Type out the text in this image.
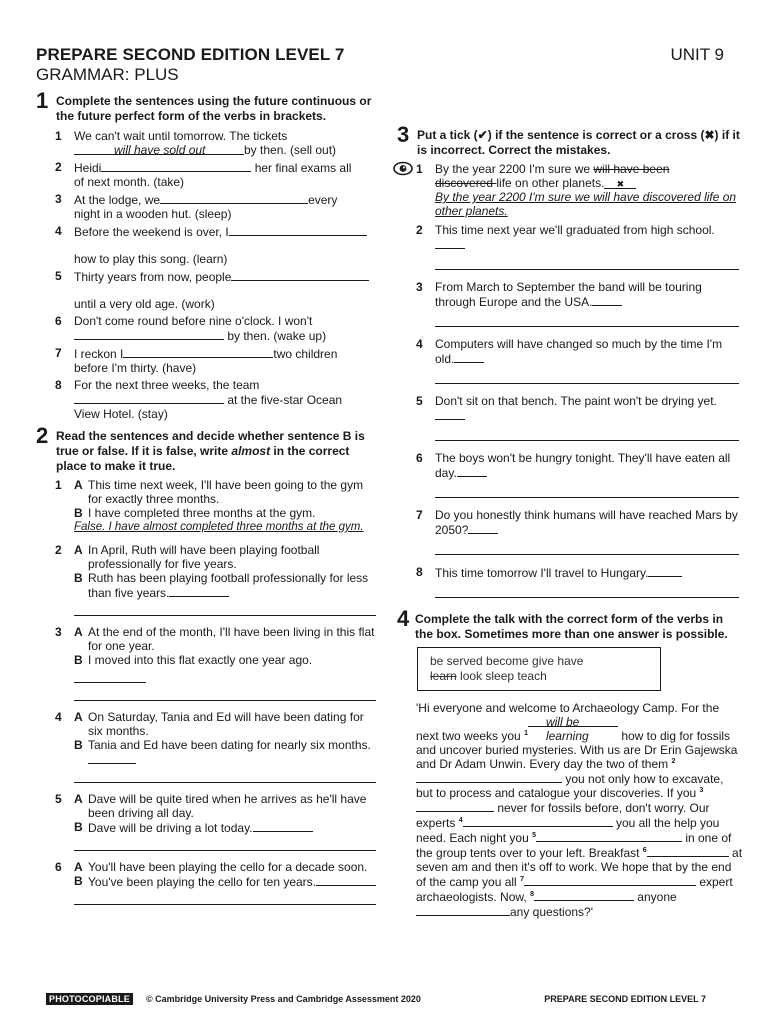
PREPARE SECOND EDITION LEVEL 7
GRAMMAR: PLUS
UNIT 9
1 Complete the sentences using the future continuous or the future perfect form of the verbs in brackets.
1 We can't wait until tomorrow. The tickets
will have sold out	by then. (sell out)
2 Heidi	her final exams all
of next month. (take)
3 At the lodge, we	every
night in a wooden hut. (sleep)
4 Before the weekend is over, I
how to play this song. (learn)
5 Thirty years from now, people
until a very old age. (work)
6 Don't come round before nine o'clock. I won't
by then. (wake up)
7 I reckon I	two children
before I'm thirty. (have)
8 For the next three weeks, the team
at the five-star Ocean
View Hotel. (stay)
2 Read the sentences and decide whether sentence B is true or false. If it is false, write almost in the correct place to make it true.
1 A This time next week, I'll have been going to the gym for exactly three months.
B I have completed three months at the gym.
False. I have almost completed three months at the gym.
2 A In April, Ruth will have been playing football professionally for five years.
B Ruth has been playing football professionally for less than five years.
3 A At the end of the month, I'll have been living in this flat for one year.
B I moved into this flat exactly one year ago.
4 A On Saturday, Tania and Ed will have been dating for six months.
B Tania and Ed have been dating for nearly six months.
5 A Dave will be quite tired when he arrives as he'll have been driving all day.
B Dave will be driving a lot today.
6 A You'll have been playing the cello for a decade soon.
B You've been playing the cello for ten years.
3 Put a tick (✔) if the sentence is correct or a cross (✖) if it is incorrect. Correct the mistakes.
1 By the year 2200 I'm sure we will have been
discovered life on other planets. ✖
By the year 2200 I'm sure we will have discovered life on other planets.
2 This time next year we'll graduated from high school.
3 From March to September the band will be touring through Europe and the USA.
4 Computers will have changed so much by the time I'm old.
5 Don't sit on that bench. The paint won't be drying yet.
6 The boys won't be hungry tonight. They'll have eaten all day.
7 Do you honestly think humans will have reached Mars by 2050?
8 This time tomorrow I'll travel to Hungary.
4 Complete the talk with the correct form of the verbs in the box. Sometimes more than one answer is possible.
be served become give have
learn look sleep teach
'Hi everyone and welcome to Archaeology Camp. For the next two weeks you $^1$will be learning	how to dig for fossils and uncover buried mysteries. With us are Dr Erin Gajewska and Dr Adam Unwin. Every day the two of them $^2$ you not only how to excavate, but to process and catalogue your discoveries. If you $^3$ never for fossils before, don't worry. Our experts $^4$	you all the help you need. Each night you $^5$	in one of the group tents over to your left. Breakfast $^6$	at seven am and then it's off to work. We hope that by the end of the camp you all $^7$	expert archaeologists. Now, $^8$	anyoneany questions?'
PHOTOCOPIABLE	© Cambridge University Press and Cambridge Assessment 2020	PREPARE SECOND EDITION LEVEL 7
